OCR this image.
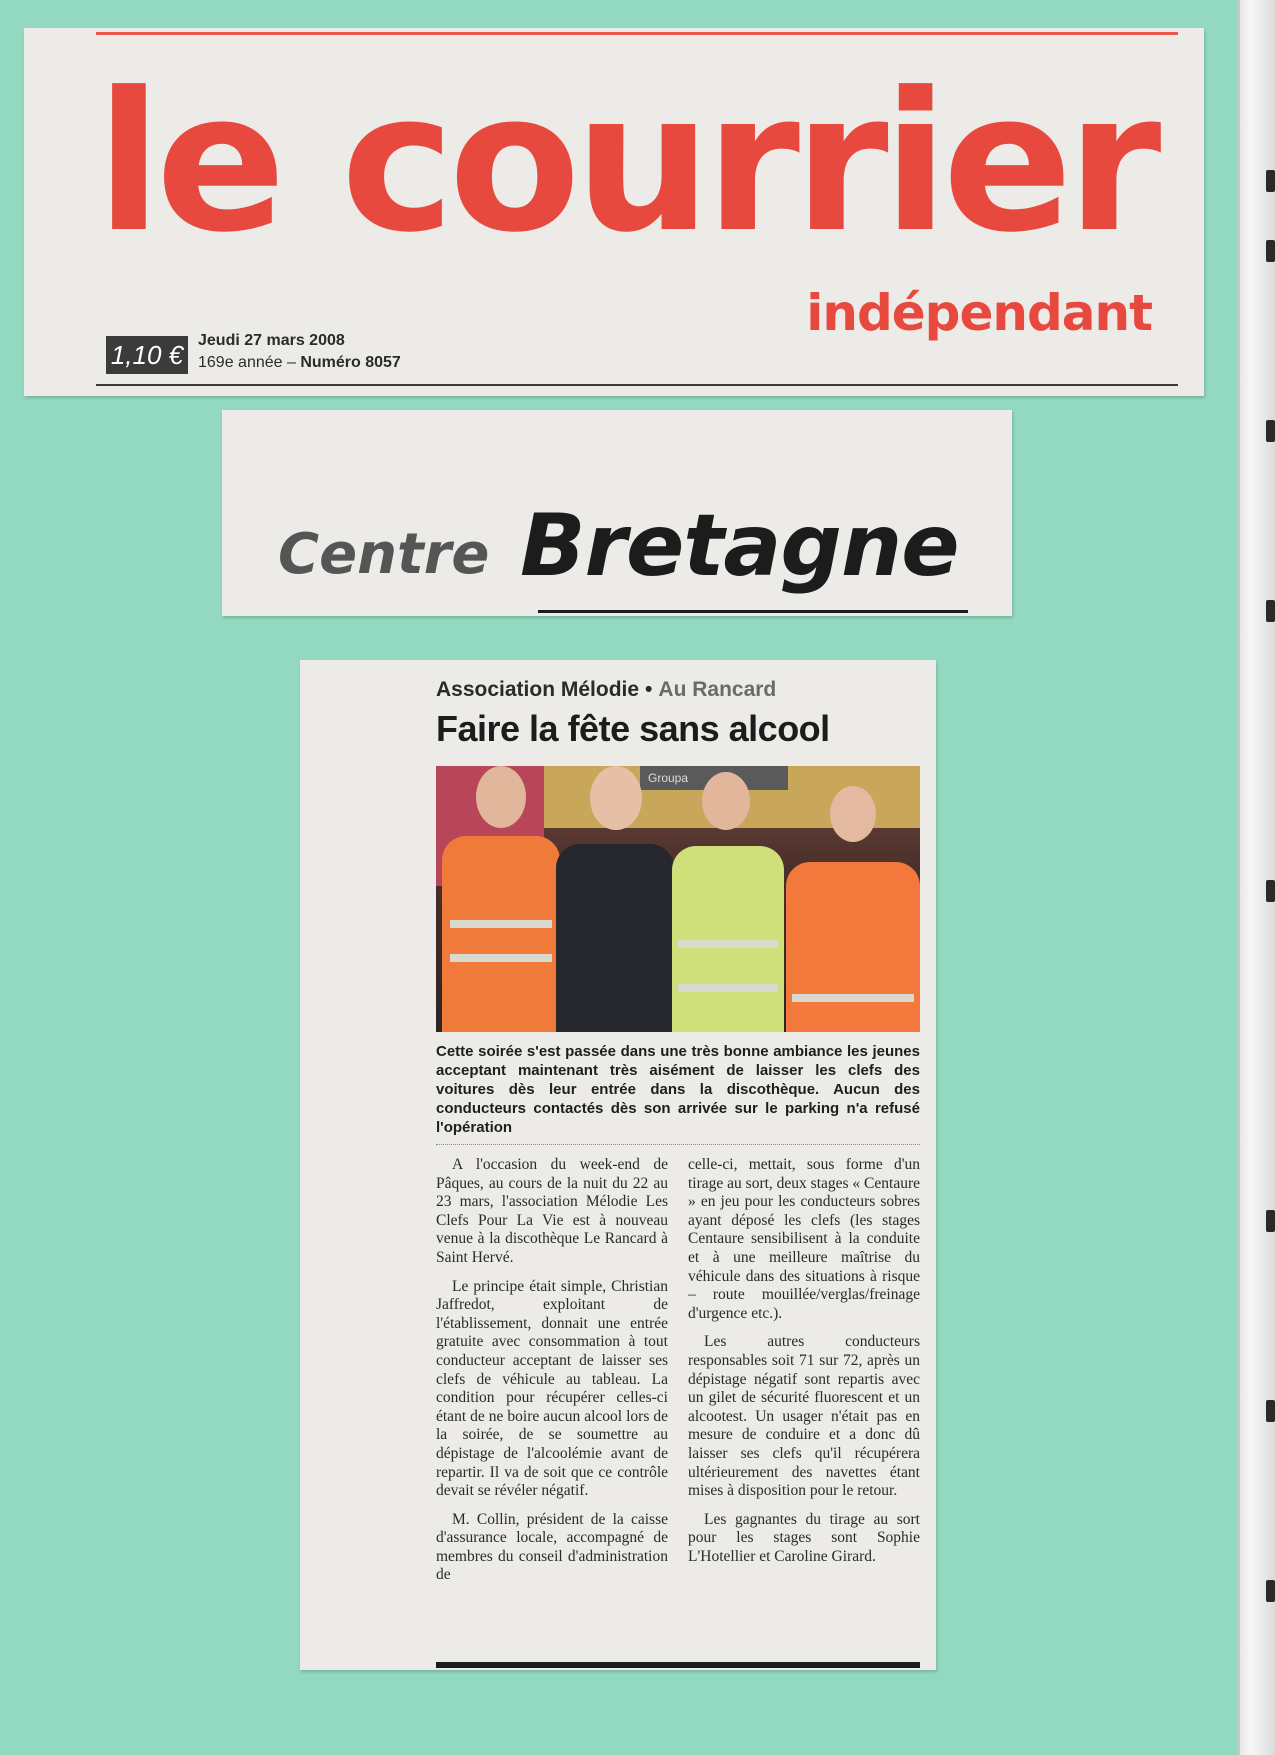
le courrier
indépendant
1,10 € Jeudi 27 mars 2008
169e année – Numéro 8057
Centre Bretagne
Association Mélodie • Au Rancard
Faire la fête sans alcool
Groupa
Cette soirée s'est passée dans une très bonne ambiance les jeunes acceptant maintenant très aisément de laisser les clefs des voitures dès leur entrée dans la discothèque. Aucun des conducteurs contactés dès son arrivée sur le parking n'a refusé l'opération

A l'occasion du week-end de Pâques, au cours de la nuit du 22 au 23 mars, l'association Mélodie Les Clefs Pour La Vie est à nouveau venue à la discothèque Le Rancard à Saint Hervé.

Le principe était simple, Christian Jaffredot, exploitant de l'établissement, donnait une entrée gratuite avec consommation à tout conducteur acceptant de laisser ses clefs de véhicule au tableau. La condition pour récupérer celles-ci étant de ne boire aucun alcool lors de la soirée, de se soumettre au dépistage de l'alcoolémie avant de repartir. Il va de soit que ce contrôle devait se révéler négatif.

M. Collin, président de la caisse d'assurance locale, accompagné de membres du conseil d'administration de

celle-ci, mettait, sous forme d'un tirage au sort, deux stages « Centaure » en jeu pour les conducteurs sobres ayant déposé les clefs (les stages Centaure sensibilisent à la conduite et à une meilleure maîtrise du véhicule dans des situations à risque – route mouillée/verglas/freinage d'urgence etc.).

Les autres conducteurs responsables soit 71 sur 72, après un dépistage négatif sont repartis avec un gilet de sécurité fluorescent et un alcootest. Un usager n'était pas en mesure de conduire et a donc dû laisser ses clefs qu'il récupérera ultérieurement des navettes étant mises à disposition pour le retour.

Les gagnantes du tirage au sort pour les stages sont Sophie L'Hotellier et Caroline Girard.
